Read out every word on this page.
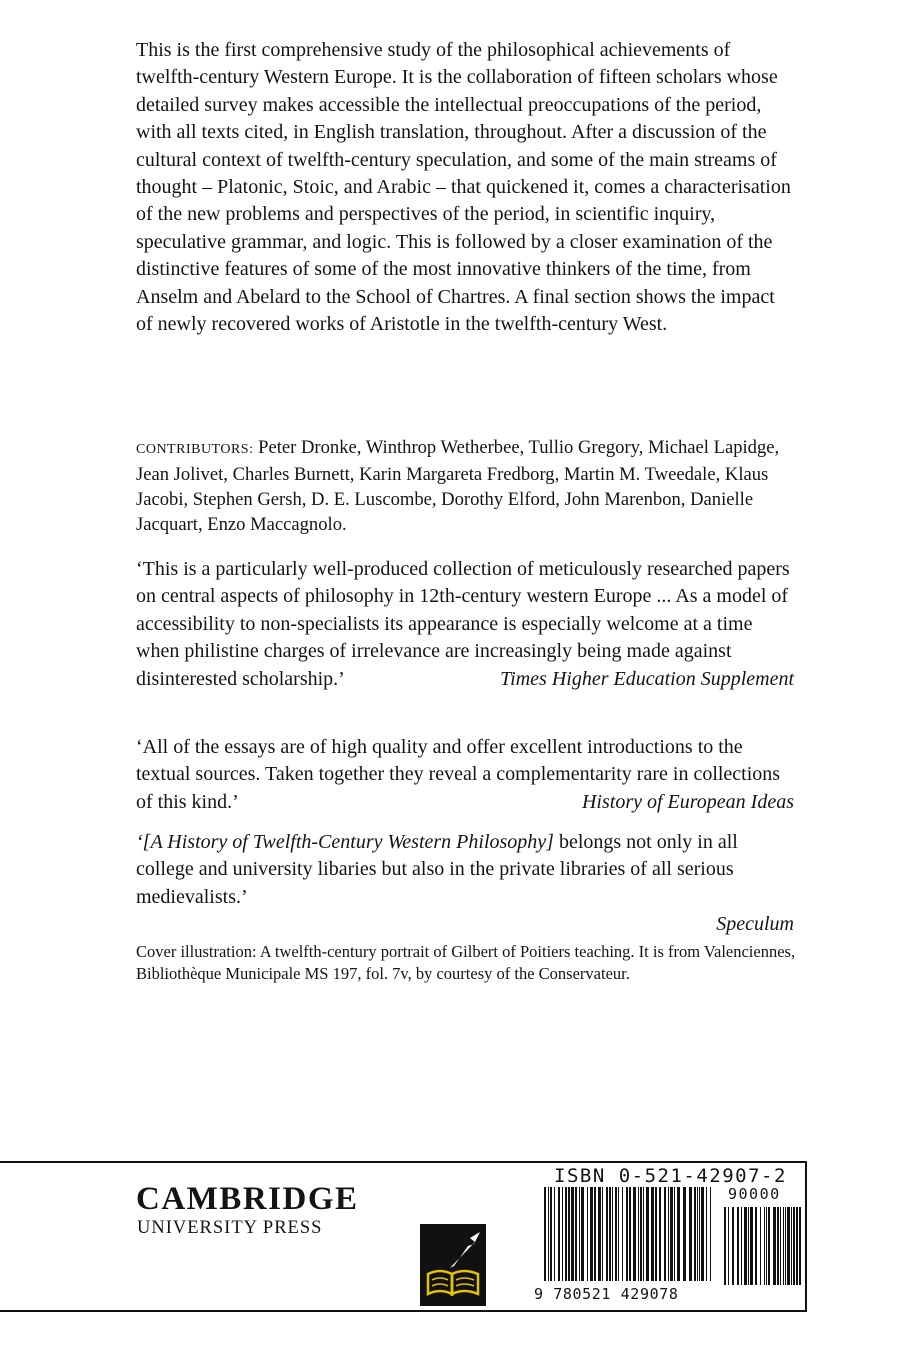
This is the first comprehensive study of the philosophical achievements of twelfth-century Western Europe. It is the collaboration of fifteen scholars whose detailed survey makes accessible the intellectual preoccupations of the period, with all texts cited, in English translation, throughout. After a discussion of the cultural context of twelfth-century speculation, and some of the main streams of thought – Platonic, Stoic, and Arabic – that quickened it, comes a characterisation of the new problems and perspectives of the period, in scientific inquiry, speculative grammar, and logic. This is followed by a closer examination of the distinctive features of some of the most innovative thinkers of the time, from Anselm and Abelard to the School of Chartres. A final section shows the impact of newly recovered works of Aristotle in the twelfth-century West.

CONTRIBUTORS: Peter Dronke, Winthrop Wetherbee, Tullio Gregory, Michael Lapidge, Jean Jolivet, Charles Burnett, Karin Margareta Fredborg, Martin M. Tweedale, Klaus Jacobi, Stephen Gersh, D. E. Luscombe, Dorothy Elford, John Marenbon, Danielle Jacquart, Enzo Maccagnolo.

‘This is a particularly well-produced collection of meticulously researched papers on central aspects of philosophy in 12th-century western Europe ... As a model of accessibility to non-specialists its appearance is especially welcome at a time when philistine charges of irrelevance are increasingly being made against disinterested scholarship.’	Times Higher Education Supplement

‘All of the essays are of high quality and offer excellent introductions to the textual sources. Taken together they reveal a complementarity rare in collections of this kind.’	History of European Ideas

‘[A History of Twelfth-Century Western Philosophy] belongs not only in all college and university libaries but also in the private libraries of all serious medievalists.’

Speculum

Cover illustration: A twelfth-century portrait of Gilbert of Poitiers teaching. It is from Valenciennes, Bibliothèque Municipale MS 197, fol. 7v, by courtesy of the Conservateur.

CAMBRIDGE

UNIVERSITY PRESS

ISBN 0-521-42907-2
90000
9 780521 429078
